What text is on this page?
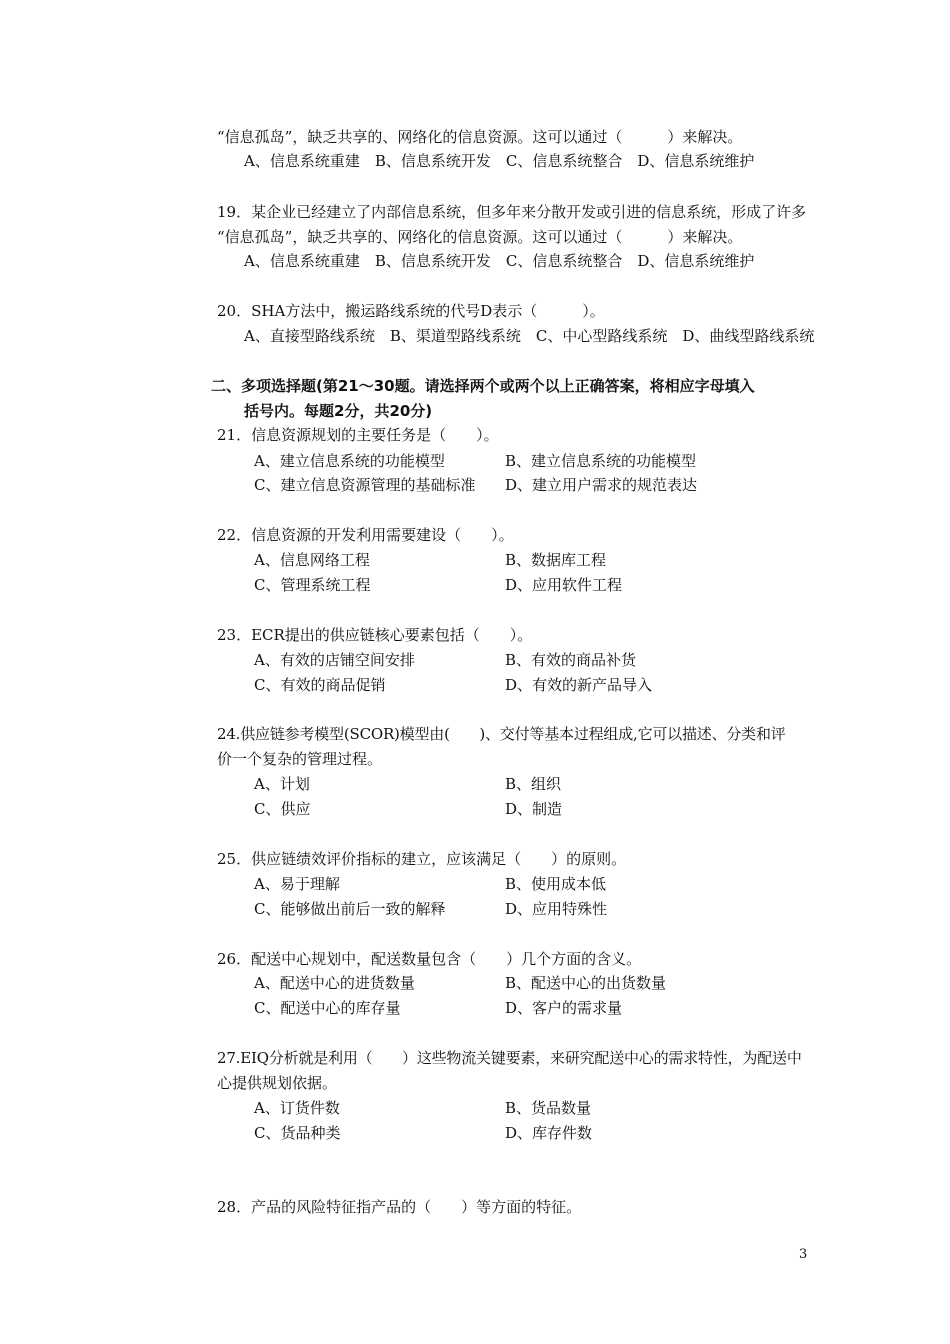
“信息孤岛”，缺乏共享的、网络化的信息资源。这可以通过（　　　）来解决。
A、信息系统重建　B、信息系统开发　C、信息系统整合　D、信息系统维护
19．某企业已经建立了内部信息系统，但多年来分散开发或引进的信息系统，形成了许多
“信息孤岛”，缺乏共享的、网络化的信息资源。这可以通过（　　　）来解决。
A、信息系统重建　B、信息系统开发　C、信息系统整合　D、信息系统维护
20．SHA方法中，搬运路线系统的代号D表示（　　　）。
A、直接型路线系统　B、渠道型路线系统　C、中心型路线系统　D、曲线型路线系统
二、多项选择题(第21～30题。请选择两个或两个以上正确答案，将相应字母填入
括号内。每题2分，共20分)
21．信息资源规划的主要任务是（　　）。
A、建立信息系统的功能模型	B、建立信息系统的功能模型
C、建立信息资源管理的基础标准 D、建立用户需求的规范表达
22．信息资源的开发利用需要建设（　　）。
A、信息网络工程	B、数据库工程
C、管理系统工程	D、应用软件工程
23．ECR提出的供应链核心要素包括（　　）。
A、有效的店铺空间安排	B、有效的商品补货
C、有效的商品促销	D、有效的新产品导入
24.供应链参考模型(SCOR)模型由(　　)、交付等基本过程组成,它可以描述、分类和评
价一个复杂的管理过程。
A、计划	B、组织
C、供应	D、制造
25．供应链绩效评价指标的建立，应该满足（　　）的原则。
A、易于理解	B、使用成本低
C、能够做出前后一致的解释	D、应用特殊性
26．配送中心规划中，配送数量包含（　　）几个方面的含义。
A、配送中心的进货数量	B、配送中心的出货数量
C、配送中心的库存量	D、客户的需求量
27.EIQ分析就是利用（　　）这些物流关键要素，来研究配送中心的需求特性，为配送中
心提供规划依据。
A、订货件数	B、货品数量
C、货品种类	D、库存件数
28．产品的风险特征指产品的（　　）等方面的特征。
3
